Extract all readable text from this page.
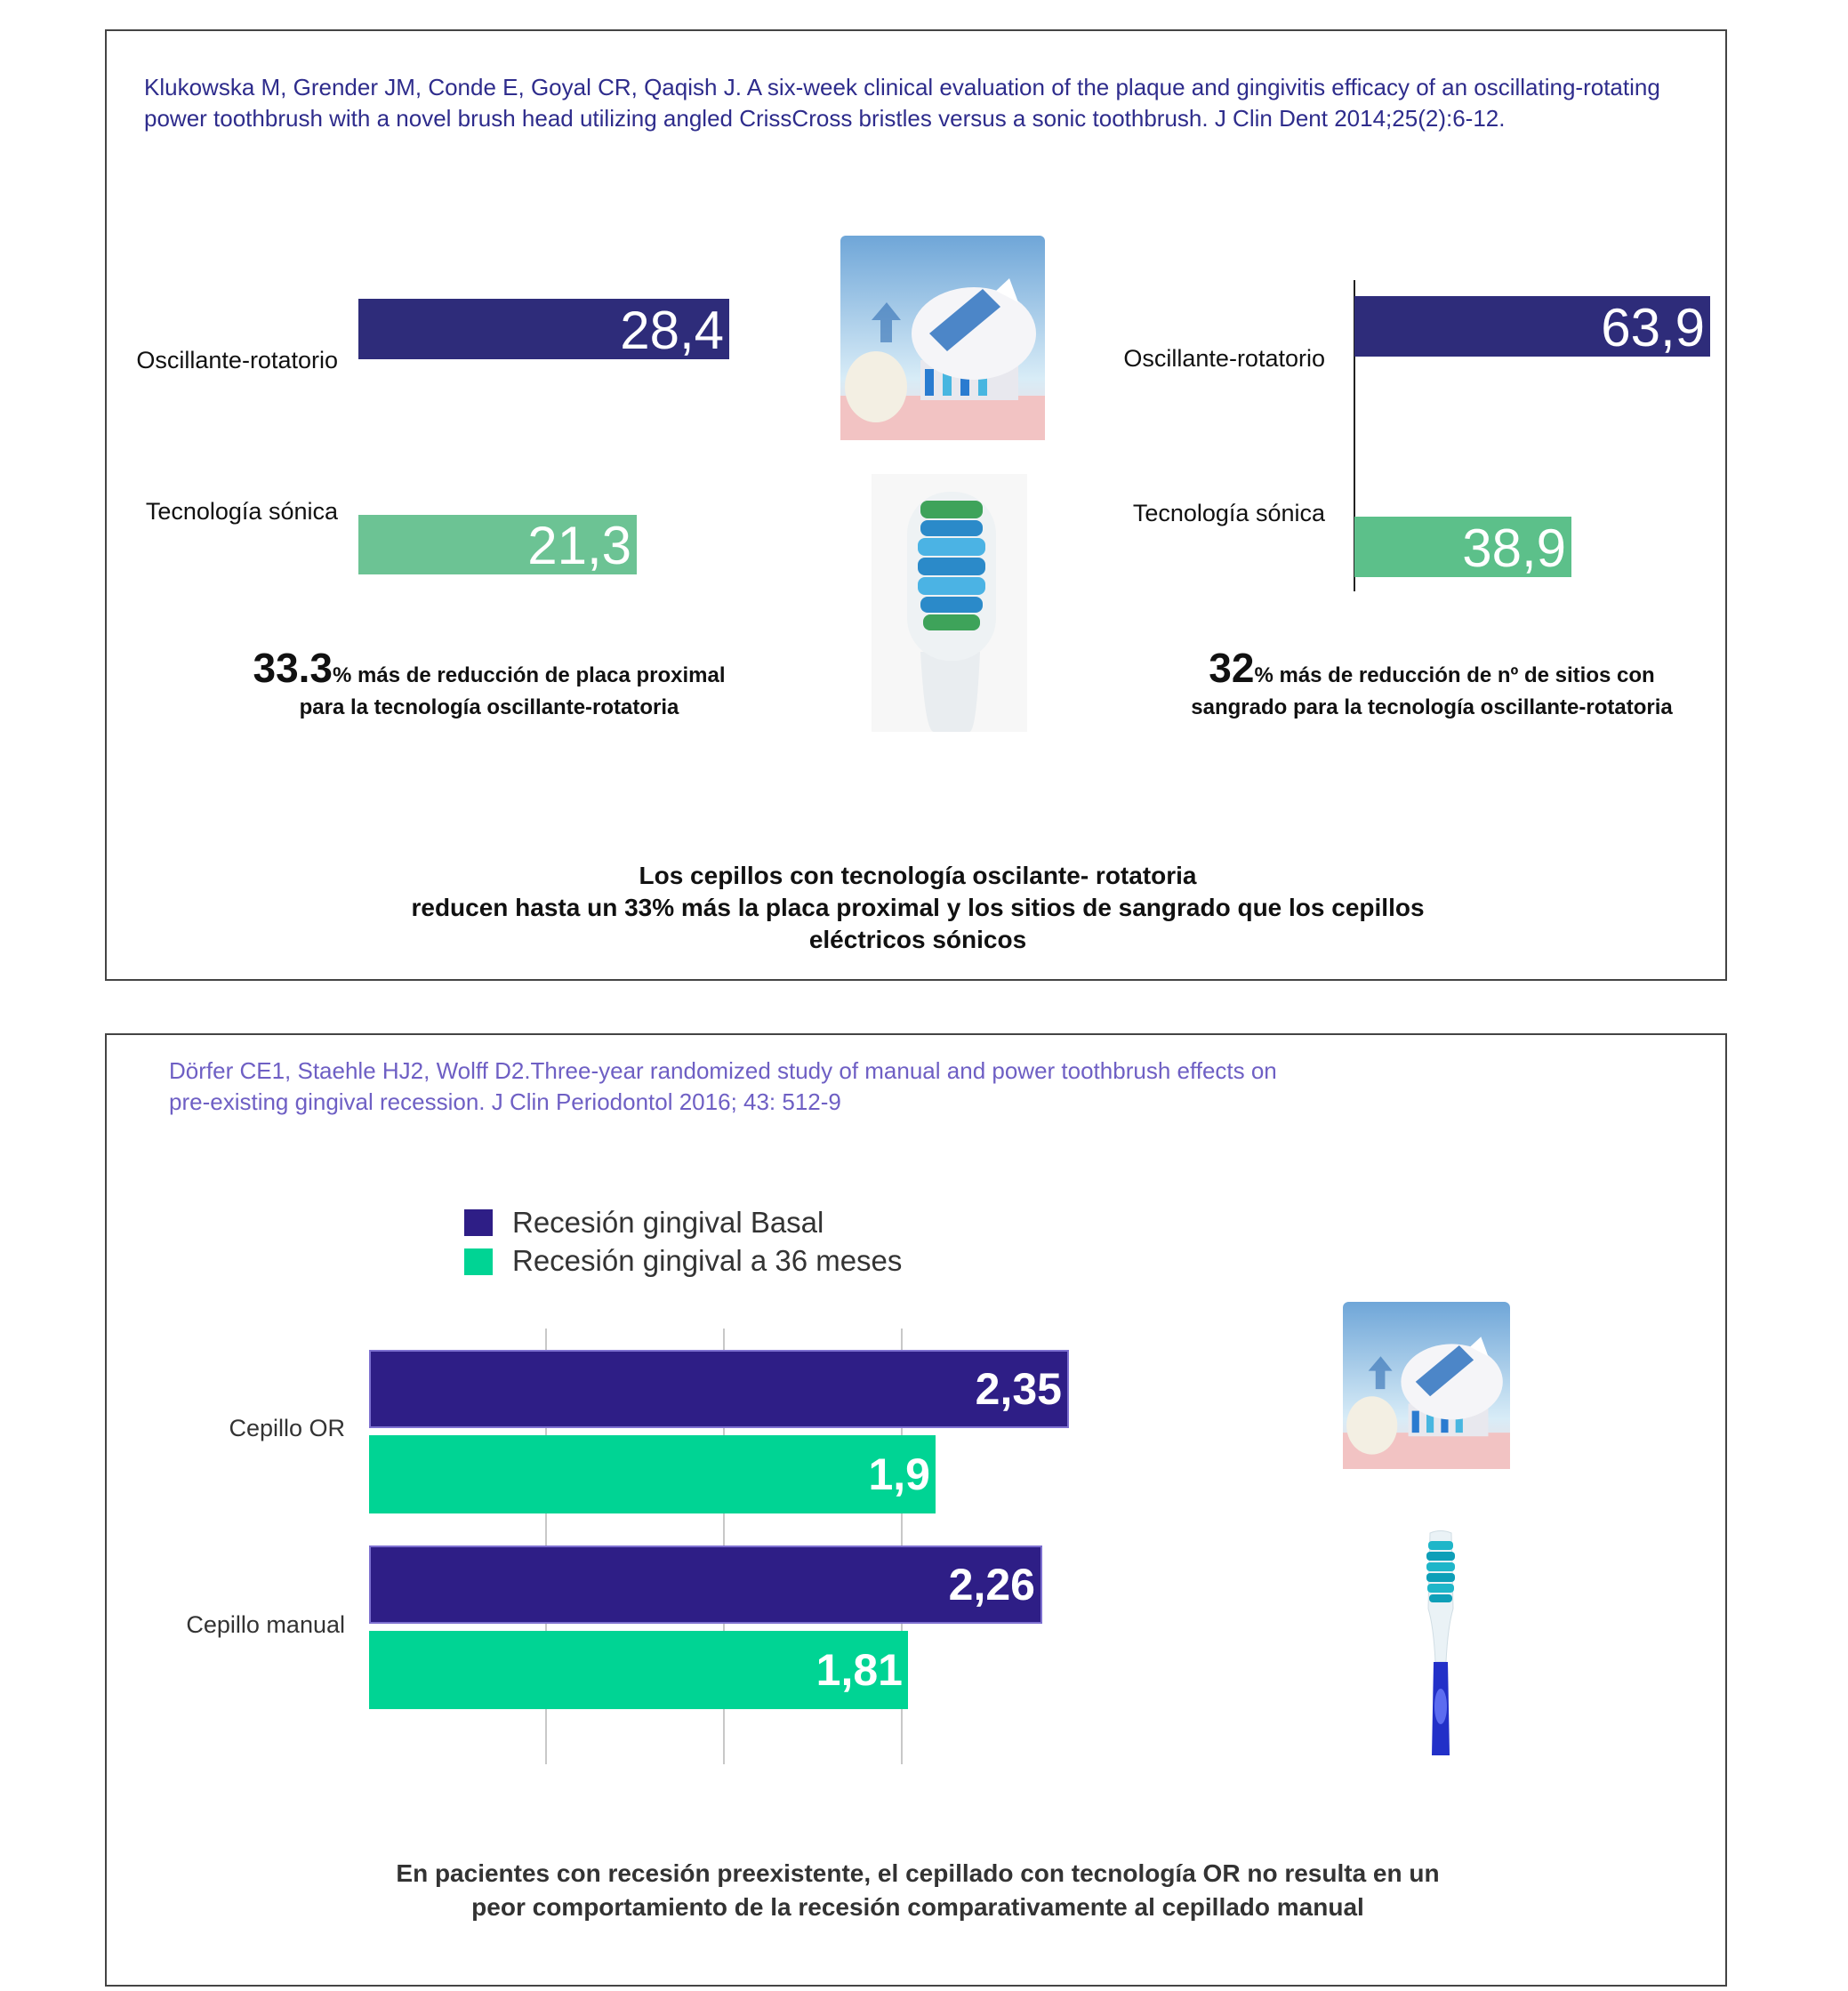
Klukowska M, Grender JM, Conde E, Goyal CR, Qaqish J. A six-week clinical evaluation of the plaque and gingivitis efficacy of an oscillating-rotating power toothbrush with a novel brush head utilizing angled CrissCross bristles versus a sonic toothbrush. J Clin Dent 2014;25(2):6-12.
Oscillante-rotatorio
Tecnología sónica
28,4
21,3
Oscillante-rotatorio
Tecnología sónica
63,9
38,9
33.3% más de reducción de placa proximal
para la tecnología oscillante-rotatoria
32% más de reducción de nº de sitios con
sangrado para la tecnología oscillante-rotatoria
Los cepillos con tecnología oscilante- rotatoria
reducen hasta un 33% más la placa proximal y los sitios de sangrado que los cepillos
eléctricos sónicos
Dörfer CE1, Staehle HJ2, Wolff D2.Three-year randomized study of manual and power toothbrush effects on
pre-existing gingival recession. J Clin Periodontol 2016; 43: 512-9
Recesión gingival Basal
Recesión gingival a 36 meses
Cepillo OR
Cepillo manual
2,35
1,9
2,26
1,81
En pacientes con recesión preexistente, el cepillado con tecnología OR no resulta en un
peor comportamiento de la recesión comparativamente al cepillado manual
